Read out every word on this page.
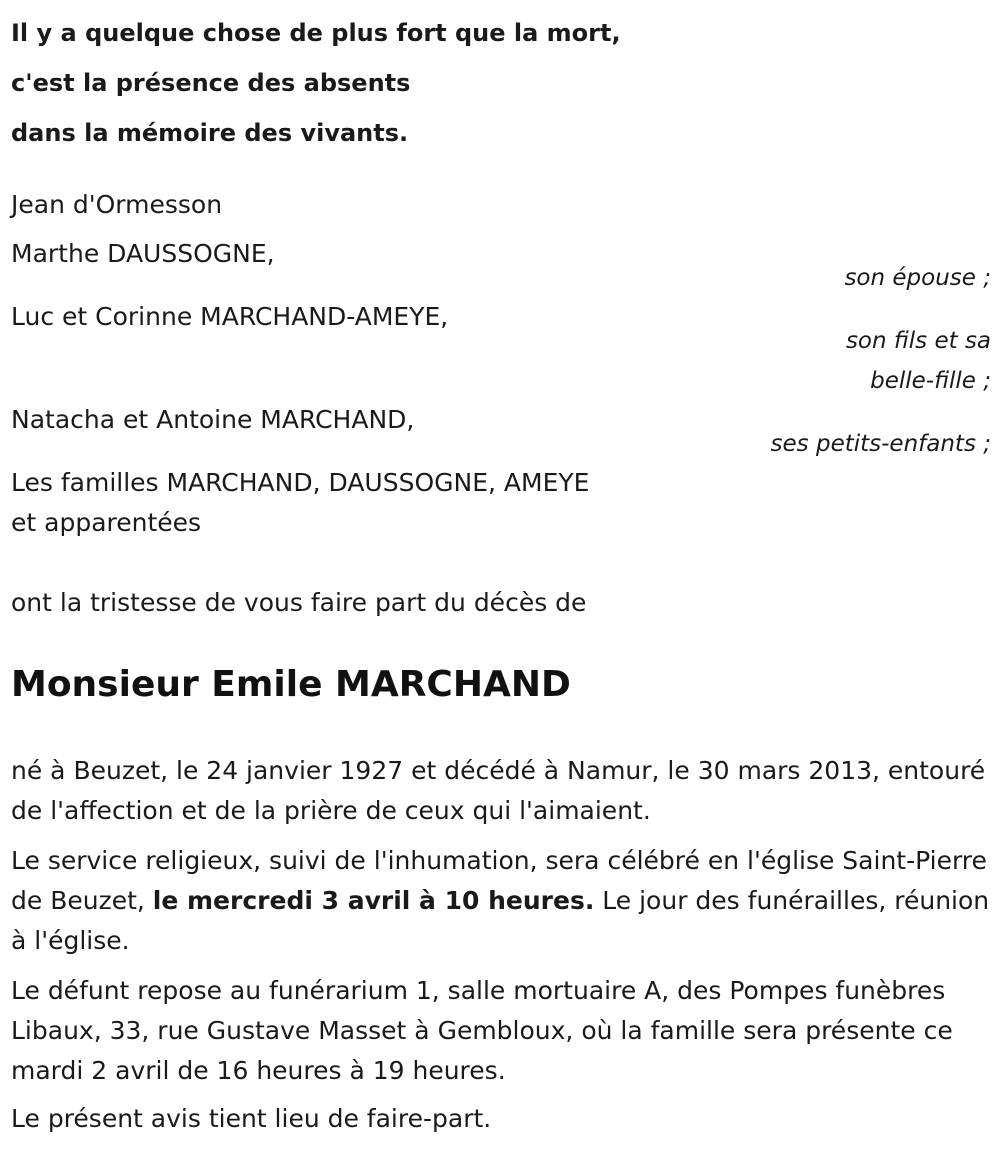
Il y a quelque chose de plus fort que la mort,
c'est la présence des absents
dans la mémoire des vivants.
Jean d'Ormesson
Marthe DAUSSOGNE,
son épouse ;
Luc et Corinne MARCHAND-AMEYE,
son fils et sa
belle-fille ;
Natacha et Antoine MARCHAND,
ses petits-enfants ;
Les familles MARCHAND, DAUSSOGNE, AMEYE
et apparentées
ont la tristesse de vous faire part du décès de
Monsieur Emile MARCHAND
né à Beuzet, le 24 janvier 1927 et décédé à Namur, le 30 mars 2013, entouré de l'affection et de la prière de ceux qui l'aimaient.
Le service religieux, suivi de l'inhumation, sera célébré en l'église Saint-Pierre de Beuzet, le mercredi 3 avril à 10 heures. Le jour des funérailles, réunion à l'église.
Le défunt repose au funérarium 1, salle mortuaire A, des Pompes funèbres Libaux, 33, rue Gustave Masset à Gembloux, où la famille sera présente ce mardi 2 avril de 16 heures à 19 heures.
Le présent avis tient lieu de faire-part.
